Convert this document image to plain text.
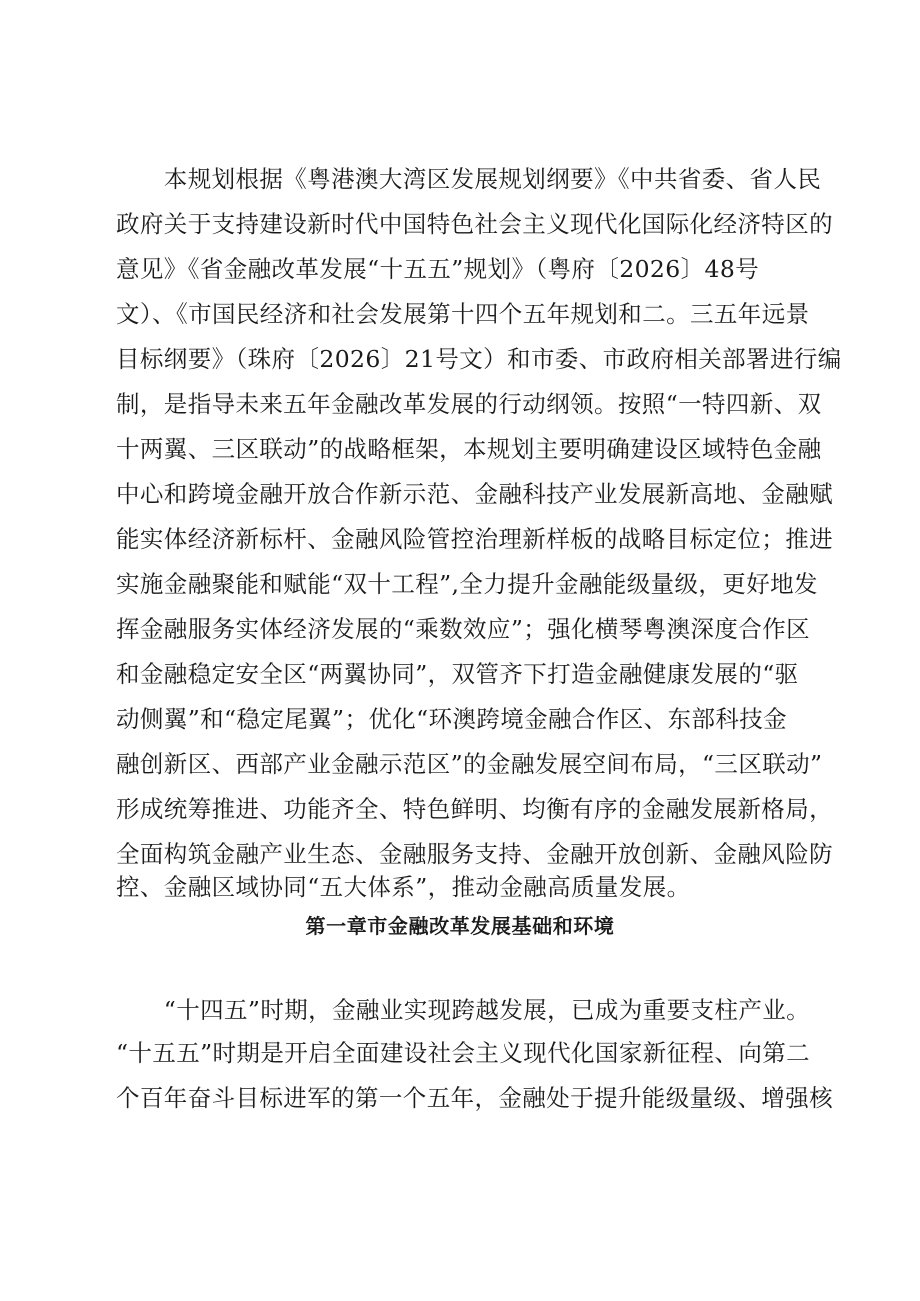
　　本规划根据《粤港澳大湾区发展规划纲要》《中共省委、省人民
政府关于支持建设新时代中国特色社会主义现代化国际化经济特区的
意见》《省金融改革发展“十五五”规划》（粤府〔2026〕48号
文）、《市国民经济和社会发展第十四个五年规划和二。三五年远景
目标纲要》（珠府〔2026〕21号文）和市委、市政府相关部署进行编
制，是指导未来五年金融改革发展的行动纲领。按照“一特四新、双
十两翼、三区联动”的战略框架，本规划主要明确建设区域特色金融
中心和跨境金融开放合作新示范、金融科技产业发展新高地、金融赋
能实体经济新标杆、金融风险管控治理新样板的战略目标定位；推进
实施金融聚能和赋能“双十工程”,全力提升金融能级量级，更好地发
挥金融服务实体经济发展的“乘数效应”；强化横琴粤澳深度合作区
和金融稳定安全区“两翼协同”，双管齐下打造金融健康发展的“驱
动侧翼”和“稳定尾翼”；优化“环澳跨境金融合作区、东部科技金
融创新区、西部产业金融示范区”的金融发展空间布局，“三区联动”
形成统筹推进、功能齐全、特色鲜明、均衡有序的金融发展新格局，
全面构筑金融产业生态、金融服务支持、金融开放创新、金融风险防
控、金融区域协同“五大体系”，推动金融高质量发展。
第一章市金融改革发展基础和环境
　　“十四五”时期，金融业实现跨越发展，已成为重要支柱产业。
“十五五”时期是开启全面建设社会主义现代化国家新征程、向第二
个百年奋斗目标进军的第一个五年，金融处于提升能级量级、增强核
